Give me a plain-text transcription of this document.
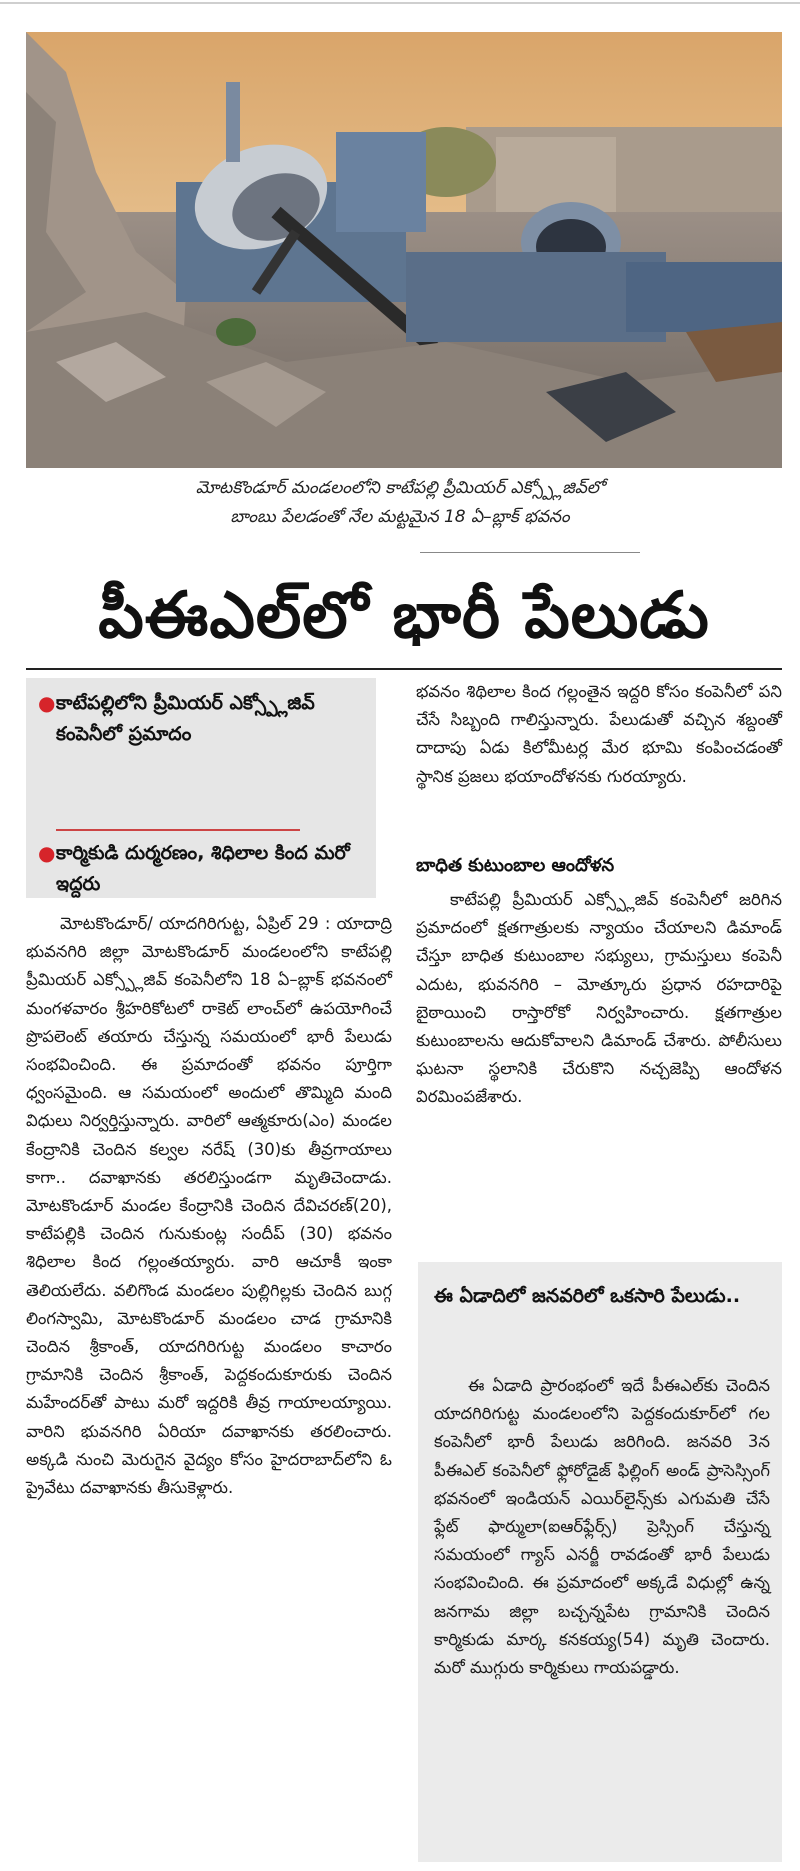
మోటకొండూర్ మండలంలోని కాటేపల్లి ప్రీమియర్ ఎక్స్ప్లోజివ్‌లో
బాంబు పేలడంతో నేల మట్టమైన 18 ఏ–బ్లాక్ భవనం
పీఈఎల్‌లో భారీ పేలుడు
● కాటేపల్లిలోని ప్రీమియర్ ఎక్స్ప్లోజివ్ కంపెనీలో ప్రమాదం
● కార్మికుడి దుర్మరణం, శిధిలాల కింద మరో ఇద్దరు

మోటకొండూర్/ యాదగిరిగుట్ట, ఏప్రిల్ 29 : యాదాద్రి భువనగిరి జిల్లా మోటకొండూర్ మండలంలోని కాటేపల్లి ప్రీమియర్ ఎక్స్ప్లోజివ్ కంపెనీలోని 18 ఏ–బ్లాక్ భవనంలో మంగళవారం శ్రీహరికోటలో రాకెట్ లాంచ్‌లో ఉపయోగించే ప్రొపలెంట్ తయారు చేస్తున్న సమయంలో భారీ పేలుడు సంభవించింది. ఈ ప్రమాదంతో భవనం పూర్తిగా ధ్వంసమైంది. ఆ సమయంలో అందులో తొమ్మిది మంది విధులు నిర్వర్తిస్తున్నారు. వారిలో ఆత్మకూరు(ఎం) మండల కేంద్రానికి చెందిన కల్వల నరేష్ (30)కు తీవ్రగాయాలు కాగా.. దవాఖానకు తరలిస్తుండగా మృతిచెందాడు. మోటకొండూర్ మండల కేంద్రానికి చెందిన దేవిచరణ్(20), కాటేపల్లికి చెందిన గునుకుంట్ల సందీప్ (30) భవనం శిధిలాల కింద గల్లంతయ్యారు. వారి ఆచూకీ ఇంకా తెలియలేదు. వలిగొండ మండలం పుల్లిగిల్లకు చెందిన బుగ్గ లింగస్వామి, మోటకొండూర్ మండలం చాడ గ్రామానికి చెందిన శ్రీకాంత్, యాదగిరిగుట్ట మండలం కాచారం గ్రామానికి చెందిన శ్రీకాంత్, పెద్దకందుకూరుకు చెందిన మహేందర్‌తో పాటు మరో ఇద్దరికి తీవ్ర గాయాలయ్యాయి. వారిని భువనగిరి ఏరియా దవాఖానకు తరలించారు. అక్కడి నుంచి మెరుగైన వైద్యం కోసం హైదరాబాద్‌లోని ఓ ప్రైవేటు దవాఖానకు తీసుకెళ్లారు.

భవనం శిథిలాల కింద గల్లంతైన ఇద్దరి కోసం కంపెనీలో పని చేసే సిబ్బంది గాలిస్తున్నారు. పేలుడుతో వచ్చిన శబ్దంతో దాదాపు ఏడు కిలోమీటర్ల మేర భూమి కంపించడంతో స్థానిక ప్రజలు భయాందోళనకు గురయ్యారు.

బాధిత కుటుంబాల ఆందోళన

కాటేపల్లి ప్రీమియర్ ఎక్స్ప్లోజివ్ కంపెనీలో జరిగిన ప్రమాదంలో క్షతగాత్రులకు న్యాయం చేయాలని డిమాండ్ చేస్తూ బాధిత కుటుంబాల సభ్యులు, గ్రామస్తులు కంపెనీ ఎదుట, భువనగిరి – మోత్కూరు ప్రధాన రహదారిపై బైఠాయించి రాస్తారోకో నిర్వహించారు. క్షతగాత్రుల కుటుంబాలను ఆదుకోవాలని డిమాండ్ చేశారు. పోలీసులు ఘటనా స్థలానికి చేరుకొని నచ్చజెప్పి ఆందోళన విరమింపజేశారు.

ఈ ఏడాదిలో జనవరిలో ఒకసారి పేలుడు..
ఈ ఏడాది ప్రారంభంలో ఇదే పీఈఎల్‌కు చెందిన యాదగిరిగుట్ట మండలంలోని పెద్దకందుకూర్‌లో గల కంపెనీలో భారీ పేలుడు జరిగింది. జనవరి 3న పీఈఎల్ కంపెనీలో ఫ్లోరోడైజ్ ఫిల్లింగ్ అండ్ ప్రాసెస్సింగ్ భవనంలో ఇండియన్ ఎయిర్‌లైన్స్‌కు ఎగుమతి చేసే ఫ్లేట్ ఫార్ములా(ఐఆర్‌ఫ్లేర్స్) ప్రెస్సింగ్ చేస్తున్న సమయంలో గ్యాస్ ఎనర్జీ రావడంతో భారీ పేలుడు సంభవించింది. ఈ ప్రమాదంలో అక్కడే విధుల్లో ఉన్న జనగామ జిల్లా బచ్చన్నపేట గ్రామానికి చెందిన కార్మికుడు మార్క కనకయ్య(54) మృతి చెందారు. మరో ముగ్గురు కార్మికులు గాయపడ్డారు.
